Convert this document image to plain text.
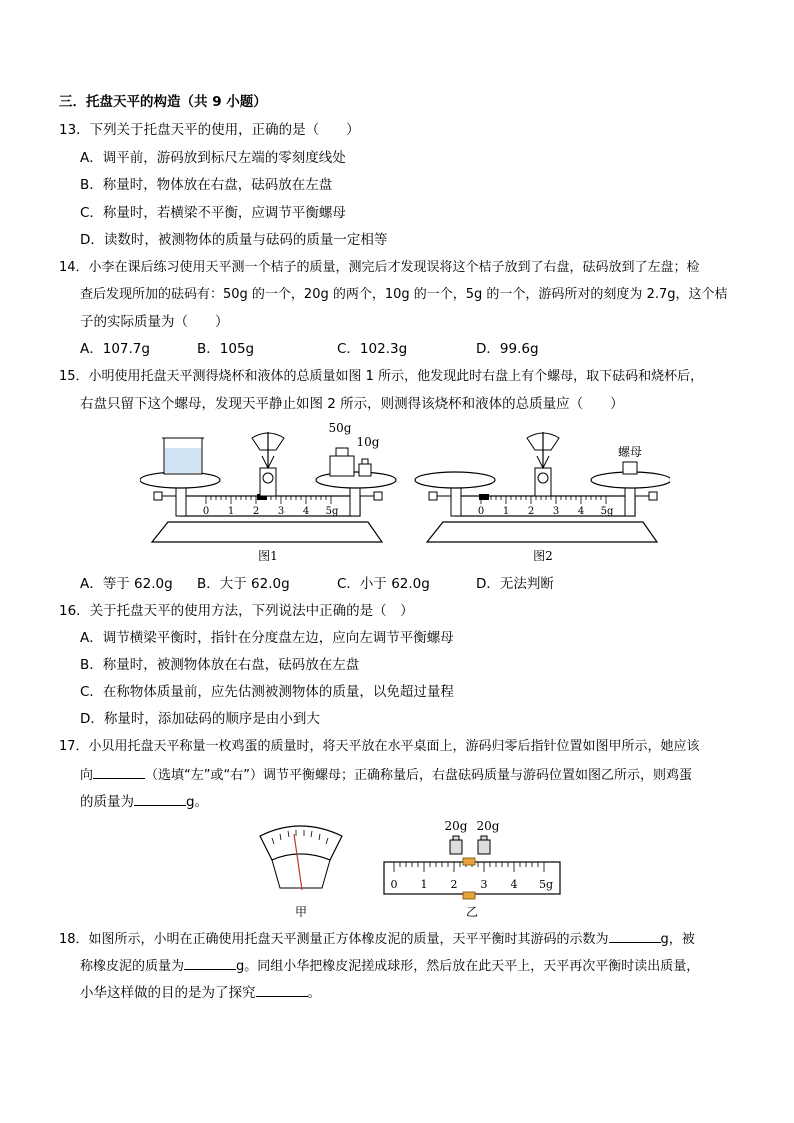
三．托盘天平的构造（共 9 小题）
13．下列关于托盘天平的使用，正确的是（　　）
A．调平前，游码放到标尺左端的零刻度线处
B．称量时，物体放在右盘，砝码放在左盘
C．称量时，若横梁不平衡，应调节平衡螺母
D．读数时，被测物体的质量与砝码的质量一定相等
14．小李在课后练习使用天平测一个桔子的质量，测完后才发现误将这个桔子放到了右盘，砝码放到了左盘；检
查后发现所加的砝码有：50g 的一个，20g 的两个，10g 的一个，5g 的一个，游码所对的刻度为 2.7g，这个桔
子的实际质量为（　　）
A．107.7g	B．105g	C．102.3g	D．99.6g
15．小明使用托盘天平测得烧杯和液体的总质量如图 1 所示，他发现此时右盘上有个螺母，取下砝码和烧杯后，
右盘只留下这个螺母，发现天平静止如图 2 所示，则测得该烧杯和液体的总质量应（　　）
0 1 2 3 4 5g
50g
10g
图1
0 1 2 3 4 5g
螺母
图2
A．等于 62.0g B．大于 62.0g	C．小于 62.0g	D．无法判断
16．关于托盘天平的使用方法，下列说法中正确的是（　）
A．调节横梁平衡时，指针在分度盘左边，应向左调节平衡螺母
B．称量时，被测物体放在右盘，砝码放在左盘
C．在称物体质量前，应先估测被测物体的质量，以免超过量程
D．称量时，添加砝码的顺序是由小到大
17．小贝用托盘天平称量一枚鸡蛋的质量时，将天平放在水平桌面上，游码归零后指针位置如图甲所示，她应该
向	（选填“左”或“右”）调节平衡螺母；正确称量后，右盘砝码质量与游码位置如图乙所示，则鸡蛋
的质量为	g。
甲
0 1 2 3 4 5g
20g 20g
乙
18．如图所示，小明在正确使用托盘天平测量正方体橡皮泥的质量，天平平衡时其游码的示数为	g，被
称橡皮泥的质量为	g。同组小华把橡皮泥搓成球形，然后放在此天平上，天平再次平衡时读出质量，
小华这样做的目的是为了探究	。
